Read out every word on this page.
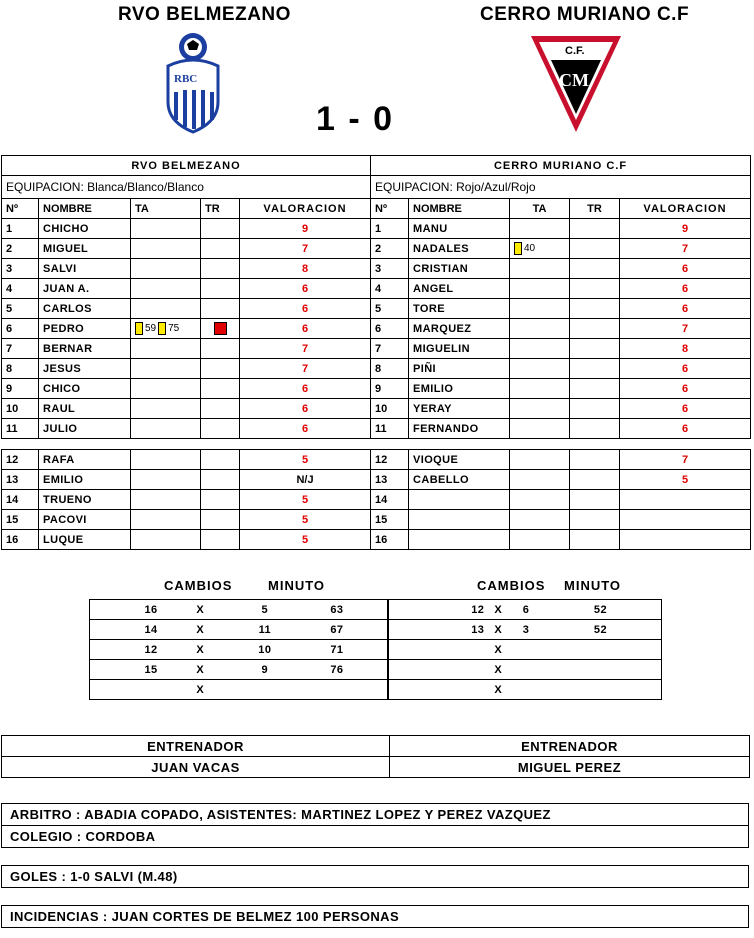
RVO BELMEZANO	CERRO MURIANO C.F
1 - 0
RBC
C.F.
CM
RVO BELMEZANO				
EQUIPACION: Blanca/Blanco/Blanco				
Nº	NOMBRE	TA	TR	VALORACION
1	CHICHO			9
2	MIGUEL			7
3	SALVI			8
4	JUAN A.			6
5	CARLOS			6
6	PEDRO	59 75		6
7	BERNAR			7
8	JESUS			7
9	CHICO			6
10	RAUL			6
11	JULIO			6

12	RAFA			5
13	EMILIO			N/J
14	TRUENO			5
15	PACOVI			5
16	LUQUE			5
CERRO MURIANO C.F				
EQUIPACION: Rojo/Azul/Rojo				
Nº	NOMBRE	TA	TR	VALORACION
1	MANU			9
2	NADALES	40		7
3	CRISTIAN			6
4	ANGEL			6
5	TORE			6
6	MARQUEZ			7
7	MIGUELIN			8
8	PIÑI			6
9	EMILIO			6
10	YERAY			6
11	FERNANDO			6

12	VIOQUE			7
13	CABELLO			5
14				
15				
16				
CAMBIOS	MINUTO	CAMBIOS MINUTO
16	X	5	63

14	X	11	67

12	X	10	71

15	X	9	76

X
12 X	6	52

13 X	3	52

X

X

X
ENTRENADOR	ENTRENADOR
JUAN VACAS	MIGUEL PEREZ
ARBITRO : ABADIA COPADO, ASISTENTES: MARTINEZ LOPEZ Y PEREZ VAZQUEZ
COLEGIO : CORDOBA
GOLES : 1-0 SALVI (M.48)
INCIDENCIAS : JUAN CORTES DE BELMEZ 100 PERSONAS
